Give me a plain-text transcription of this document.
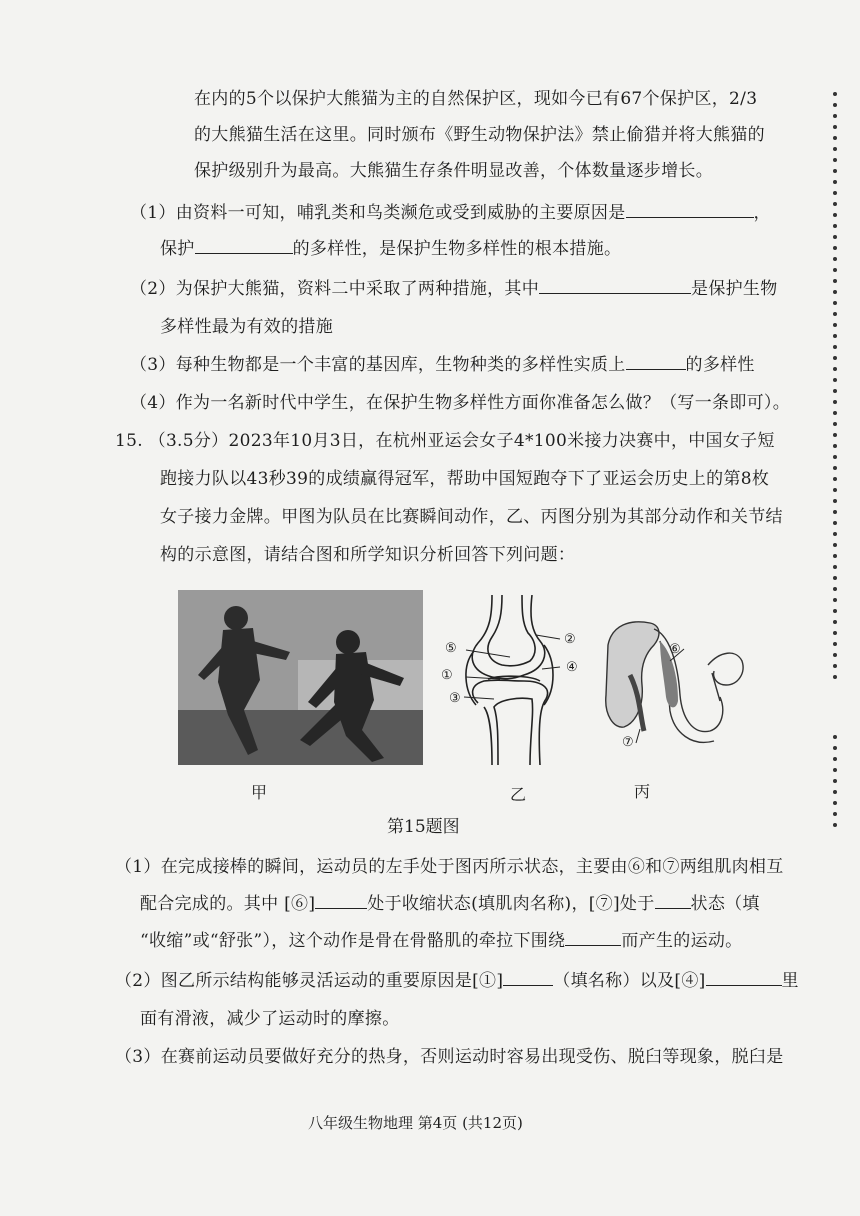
在内的5个以保护大熊猫为主的自然保护区，现如今已有67个保护区，2/3
的大熊猫生活在这里。同时颁布《野生动物保护法》禁止偷猎并将大熊猫的
保护级别升为最高。大熊猫生存条件明显改善，个体数量逐步增长。
（1）由资料一可知，哺乳类和鸟类濒危或受到威胁的主要原因是	，
保护	的多样性，是保护生物多样性的根本措施。
（2）为保护大熊猫，资料二中采取了两种措施，其中	是保护生物
多样性最为有效的措施
（3）每种生物都是一个丰富的基因库，生物种类的多样性实质上	的多样性
（4）作为一名新时代中学生，在保护生物多样性方面你准备怎么做？（写一条即可）。
15. （3.5分）2023年10月3日，在杭州亚运会女子4*100米接力决赛中，中国女子短
跑接力队以43秒39的成绩赢得冠军，帮助中国短跑夺下了亚运会历史上的第8枚
女子接力金牌。甲图为队员在比赛瞬间动作，乙、丙图分别为其部分动作和关节结
构的示意图，请结合图和所学知识分析回答下列问题：
甲
⑤
②
①
④
③
乙
⑥
⑦
丙
第15题图
（1）在完成接棒的瞬间，运动员的左手处于图丙所示状态，主要由⑥和⑦两组肌肉相互
配合完成的。其中 [⑥]	处于收缩状态(填肌肉名称)，[⑦]处于 状态（填
“收缩”或“舒张”），这个动作是骨在骨骼肌的牵拉下围绕	而产生的运动。
（2）图乙所示结构能够灵活运动的重要原因是[①]	（填名称）以及[④]	里
面有滑液，减少了运动时的摩擦。
（3）在赛前运动员要做好充分的热身，否则运动时容易出现受伤、脱臼等现象，脱臼是
八年级生物地理 第4页 (共12页)
